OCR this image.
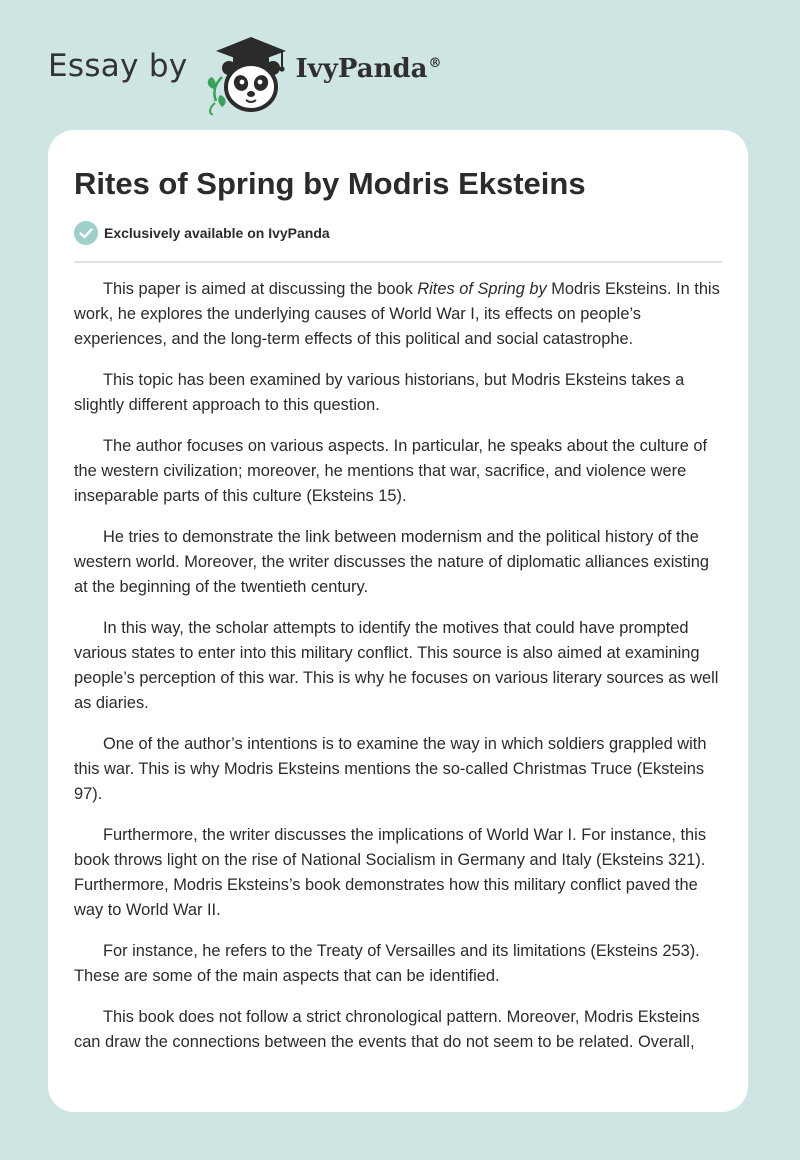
Essay by	IvyPanda®
Rites of Spring by Modris Eksteins
Exclusively available on IvyPanda

This paper is aimed at discussing the book Rites of Spring by Modris Eksteins. In this work, he explores the underlying causes of World War I, its effects on people’s experiences, and the long-term effects of this political and social catastrophe.

This topic has been examined by various historians, but Modris Eksteins takes a slightly different approach to this question.

The author focuses on various aspects. In particular, he speaks about the culture of the western civilization; moreover, he mentions that war, sacrifice, and violence were inseparable parts of this culture (Eksteins 15).

He tries to demonstrate the link between modernism and the political history of the western world. Moreover, the writer discusses the nature of diplomatic alliances existing at the beginning of the twentieth century.

In this way, the scholar attempts to identify the motives that could have prompted various states to enter into this military conflict. This source is also aimed at examining people’s perception of this war. This is why he focuses on various literary sources as well as diaries.

One of the author’s intentions is to examine the way in which soldiers grappled with this war. This is why Modris Eksteins mentions the so-called Christmas Truce (Eksteins 97).

Furthermore, the writer discusses the implications of World War I. For instance, this book throws light on the rise of National Socialism in Germany and Italy (Eksteins 321). Furthermore, Modris Eksteins’s book demonstrates how this military conflict paved the way to World War II.

For instance, he refers to the Treaty of Versailles and its limitations (Eksteins 253). These are some of the main aspects that can be identified.

This book does not follow a strict chronological pattern. Moreover, Modris Eksteins can draw the connections between the events that do not seem to be related. Overall,
